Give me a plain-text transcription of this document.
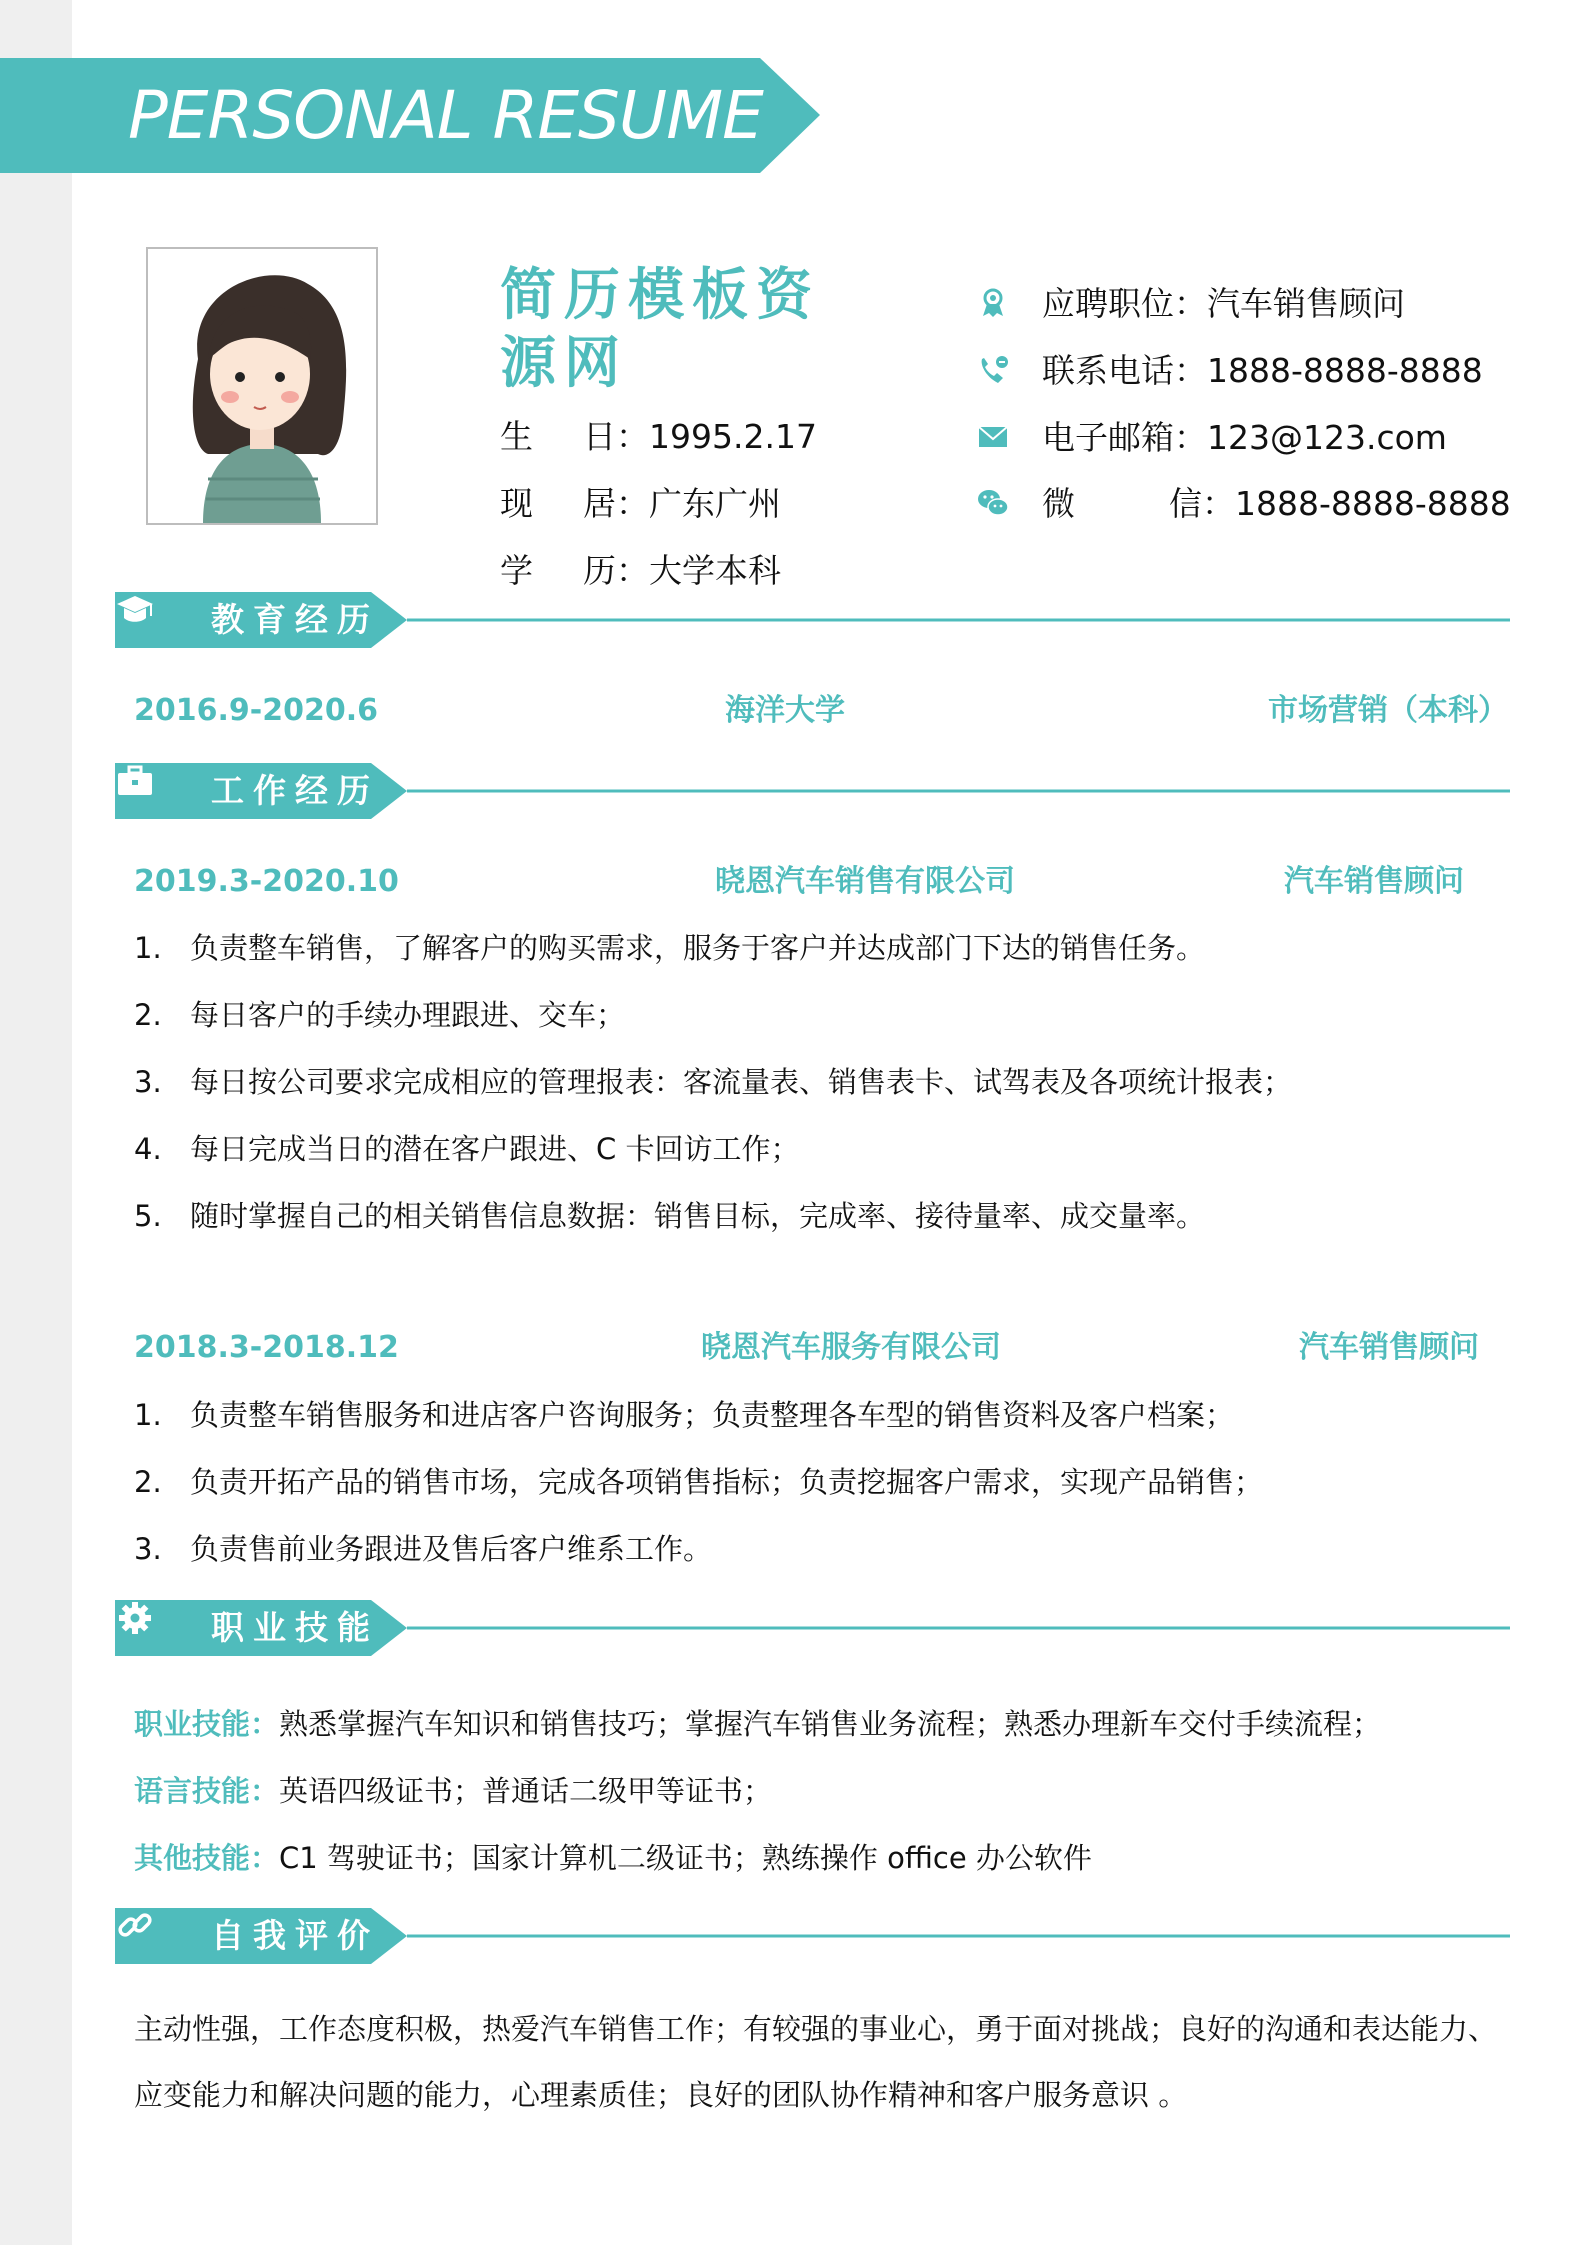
PERSONAL RESUME
简历模板资源网
生日：1995.2.17
现居：广东广州
学历：大学本科
应聘职位：汽车销售顾问
联系电话：1888-8888-8888
电子邮箱：123@123.com
微信：1888-8888-8888
教育经历
2016.9-2020.6	海洋大学	市场营销（本科）
工作经历
2019.3-2020.10	晓恩汽车销售有限公司	汽车销售顾问
1. 负责整车销售，了解客户的购买需求，服务于客户并达成部门下达的销售任务。
2. 每日客户的手续办理跟进、交车；
3. 每日按公司要求完成相应的管理报表：客流量表、销售表卡、试驾表及各项统计报表；
4. 每日完成当日的潜在客户跟进、C 卡回访工作；
5. 随时掌握自己的相关销售信息数据：销售目标，完成率、接待量率、成交量率。
2018.3-2018.12	晓恩汽车服务有限公司	汽车销售顾问
1. 负责整车销售服务和进店客户咨询服务；负责整理各车型的销售资料及客户档案；
2. 负责开拓产品的销售市场，完成各项销售指标；负责挖掘客户需求，实现产品销售；
3. 负责售前业务跟进及售后客户维系工作。
职业技能
职业技能：熟悉掌握汽车知识和销售技巧；掌握汽车销售业务流程；熟悉办理新车交付手续流程；
语言技能：英语四级证书；普通话二级甲等证书；
其他技能：C1 驾驶证书；国家计算机二级证书；熟练操作 office 办公软件
自我评价
主动性强，工作态度积极，热爱汽车销售工作；有较强的事业心，勇于面对挑战；良好的沟通和表达能力、
应变能力和解决问题的能力，心理素质佳；良好的团队协作精神和客户服务意识 。
